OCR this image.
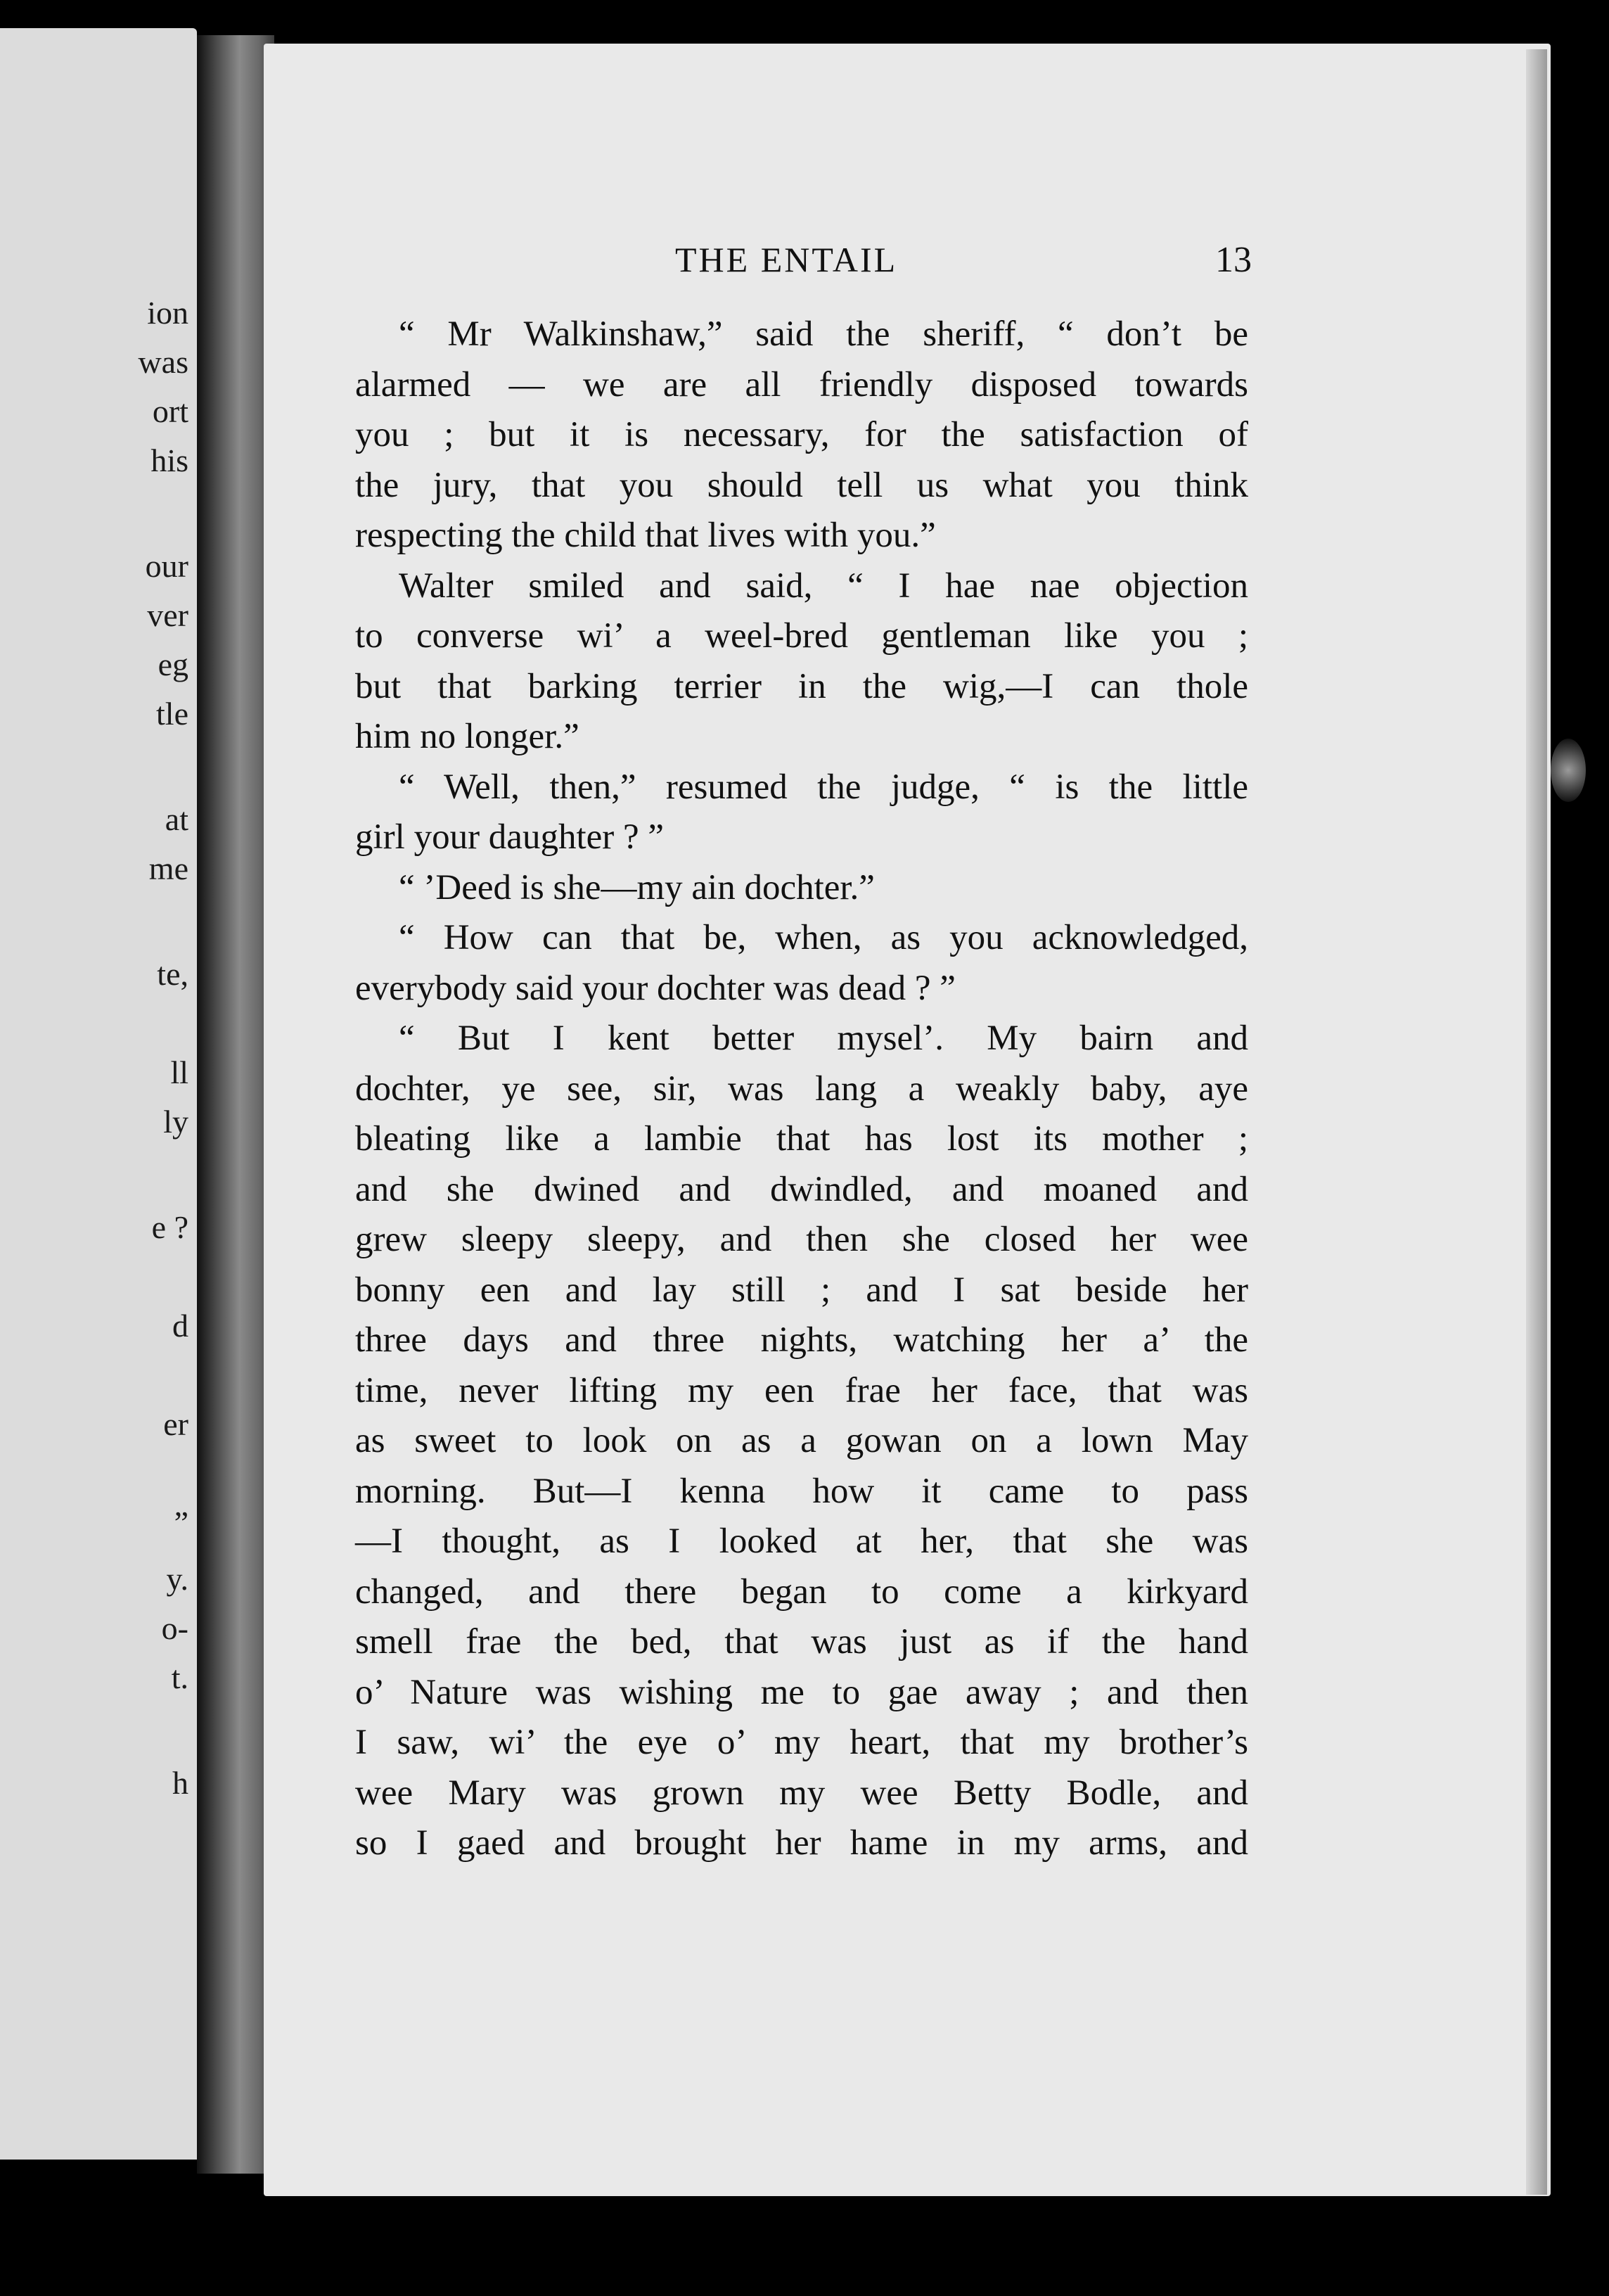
ion
was
ort
his
our
ver
eg
tle
at
me
te,
ll
ly
e ?
d
er
”
y.
o-
t.
h
THE ENTAIL	13
“ Mr Walkinshaw,” said the sheriff, “ don’t be
alarmed — we are all friendly disposed towards
you ; but it is necessary, for the satisfaction of
the jury, that you should tell us what you think
respecting the child that lives with you.”
Walter smiled and said, “ I hae nae objection
to converse wi’ a weel-bred gentleman like you ;
but that barking terrier in the wig,—I can thole
him no longer.”
“ Well, then,” resumed the judge, “ is the little
girl your daughter ? ”
“ ’Deed is she—my ain dochter.”
“ How can that be, when, as you acknowledged,
everybody said your dochter was dead ? ”
“ But I kent better mysel’. My bairn and
dochter, ye see, sir, was lang a weakly baby, aye
bleating like a lambie that has lost its mother ;
and she dwined and dwindled, and moaned and
grew sleepy sleepy, and then she closed her wee
bonny een and lay still ; and I sat beside her
three days and three nights, watching her a’ the
time, never lifting my een frae her face, that was
as sweet to look on as a gowan on a lown May
morning. But—I kenna how it came to pass
—I thought, as I looked at her, that she was
changed, and there began to come a kirkyard
smell frae the bed, that was just as if the hand
o’ Nature was wishing me to gae away ; and then
I saw, wi’ the eye o’ my heart, that my brother’s
wee Mary was grown my wee Betty Bodle, and
so I gaed and brought her hame in my arms, and
